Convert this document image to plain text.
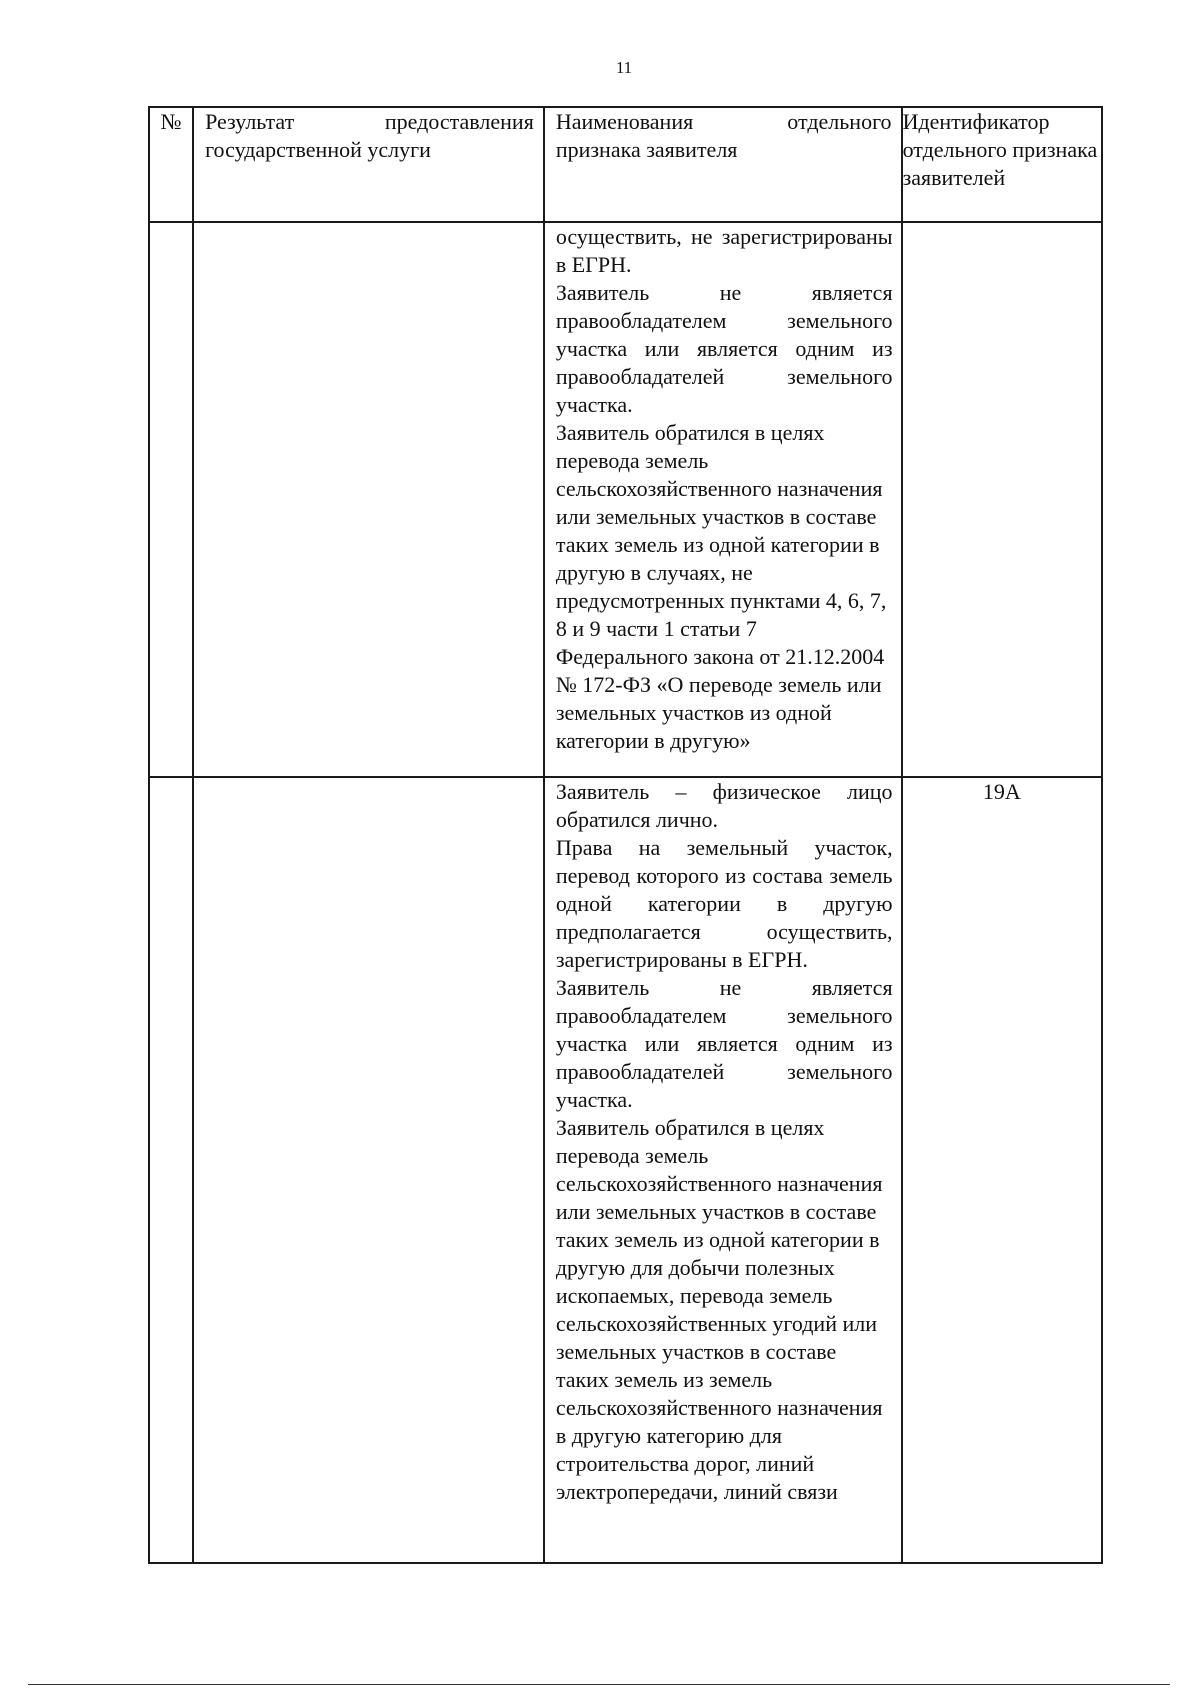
11
№	Результат предоставления государственной услуги	Наименования отдельного признака заявителя	Идентификатор отдельного признака заявителей

		осуществить, не зарегистрированы в ЕГРН.

Заявитель не является правообладателем земельного участка или является одним из правообладателей земельного участка.

Заявитель обратился в целях перевода земель сельскохозяйственного назначения или земельных участков в составе таких земель из одной категории в другую в случаях, не предусмотренных пунктами 4, 6, 7, 8 и 9 части 1 статьи 7 Федерального закона от 21.12.2004 № 172-ФЗ «О переводе земель или земельных участков из одной категории в другую»	

		Заявитель – физическое лицо обратился лично.

Права на земельный участок, перевод которого из состава земель одной категории в другую предполагается осуществить, зарегистрированы в ЕГРН.

Заявитель не является правообладателем земельного участка или является одним из правообладателей земельного участка.

Заявитель обратился в целях перевода земель сельскохозяйственного назначения или земельных участков в составе таких земель из одной категории в другую для добычи полезных ископаемых, перевода земель сельскохозяйственных угодий или земельных участков в составе таких земель из земель сельскохозяйственного назначения в другую категорию для строительства дорог, линий электропередачи, линий связи	19А
